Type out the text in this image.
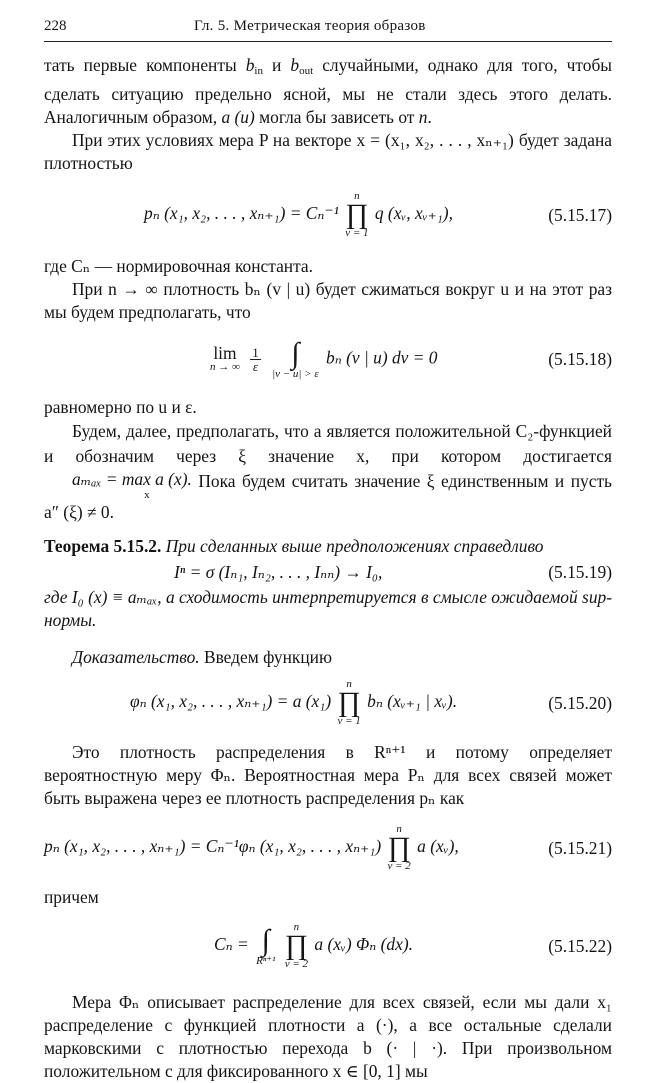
228	Гл. 5. Метрическая теория образов

тать первые компоненты $b_{in}$ и $b_{out}$ случайными, однако для того, чтобы сделать ситуацию предельно ясной, мы не стали здесь этого делать. Аналогичным образом, a (u) могла бы зависеть от n.

При этих условиях мера P на векторе x = (x₁, x₂, . . . , xₙ₊₁) будет задана плотностью

pₙ (x₁, x₂, . . . , xₙ₊₁) = Cₙ⁻¹
n
∏
ν = 1
q (xᵥ, xᵥ₊₁),	(5.15.17)

где Cₙ — нормировочная константа.

При n → ∞ плотность bₙ (v | u) будет сжиматься вокруг u и на этот раз мы будем предполагать, что

lim
n → ∞
$\frac{1}{\varepsilon}$
∫
|v − u| > ε
bₙ (v | u) dv = 0	(5.15.18)

равномерно по u и ε.

Будем, далее, предполагать, что a является положительной C₂-функцией и обозначим через ξ значение x, при котором достигается
aₘₐₓ = max a (x).
x
Пока будем считать значение ξ единственным и пусть a″ (ξ) ≠ 0.

Теорема 5.15.2. При сделанных выше предположениях справедливо

Iⁿ = σ (Iₙ₁, Iₙ₂, . . . , Iₙₙ) → I₀,	(5.15.19)

где I₀ (x) ≡ aₘₐₓ, а сходимость интерпретируется в смысле ожидаемой sup-нормы.

Доказательство. Введем функцию

φₙ (x₁, x₂, . . . , xₙ₊₁) = a (x₁)
n
∏
ν = 1
bₙ (xᵥ₊₁ | xᵥ).	(5.15.20)

Это плотность распределения в Rⁿ⁺¹ и потому определяет вероятностную меру Φₙ. Вероятностная мера Pₙ для всех связей может быть выражена через ее плотность распределения pₙ как

pₙ (x₁, x₂, . . . , xₙ₊₁) = Cₙ⁻¹φₙ (x₁, x₂, . . . , xₙ₊₁)
n
∏
ν = 2
a (xᵥ),	(5.15.21)

причем

Cₙ = ∫
Rⁿ⁺¹

n
∏
ν = 2
a (xᵥ) Φₙ (dx).	(5.15.22)

Мера Φₙ описывает распределение для всех связей, если мы дали x₁ распределение с функцией плотности a (·), а все остальные сделали марковскими с плотностью перехода b (· | ·). При произвольном положительном c для фиксированного x ∈ [0, 1] мы
